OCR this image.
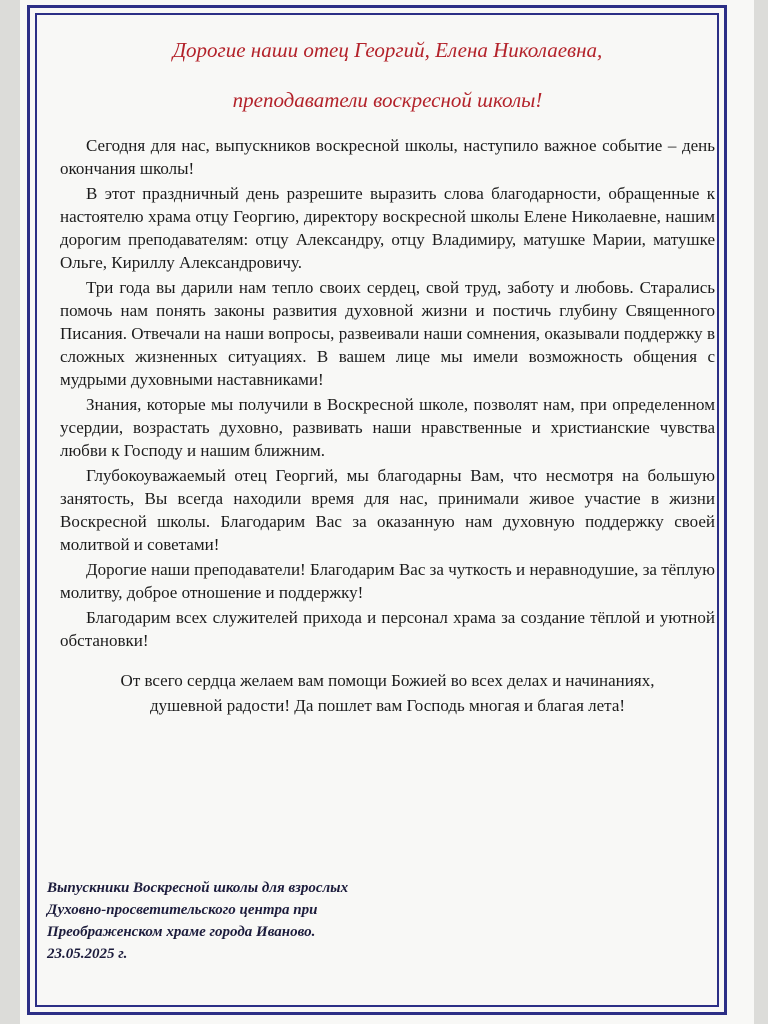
Дорогие наши отец Георгий, Елена Николаевна,
преподаватели воскресной школы!

Сегодня для нас, выпускников воскресной школы, наступило важное событие – день окончания школы!

В этот праздничный день разрешите выразить слова благодарности, обращенные к настоятелю храма отцу Георгию, директору воскресной школы Елене Николаевне, нашим дорогим преподавателям: отцу Александру, отцу Владимиру, матушке Марии, матушке Ольге, Кириллу Александровичу.

Три года вы дарили нам тепло своих сердец, свой труд, заботу и любовь. Старались помочь нам понять законы развития духовной жизни и постичь глубину Священного Писания. Отвечали на наши вопросы, развеивали наши сомнения, оказывали поддержку в сложных жизненных ситуациях. В вашем лице мы имели возможность общения с мудрыми духовными наставниками!

Знания, которые мы получили в Воскресной школе, позволят нам, при определенном усердии, возрастать духовно, развивать наши нравственные и христианские чувства любви к Господу и нашим ближним.

Глубокоуважаемый отец Георгий, мы благодарны Вам, что несмотря на большую занятость, Вы всегда находили время для нас, принимали живое участие в жизни Воскресной школы. Благодарим Вас за оказанную нам духовную поддержку своей молитвой и советами!

Дорогие наши преподаватели! Благодарим Вас за чуткость и неравнодушие, за тёплую молитву, доброе отношение и поддержку!

Благодарим всех служителей прихода и персонал храма за создание тёплой и уютной обстановки!

От всего сердца желаем вам помощи Божией во всех делах и начинаниях,
душевной радости! Да пошлет вам Господь многая и благая лета!
Выпускники Воскресной школы для взрослых
Духовно-просветительского центра при
Преображенском храме города Иваново.
23.05.2025 г.
